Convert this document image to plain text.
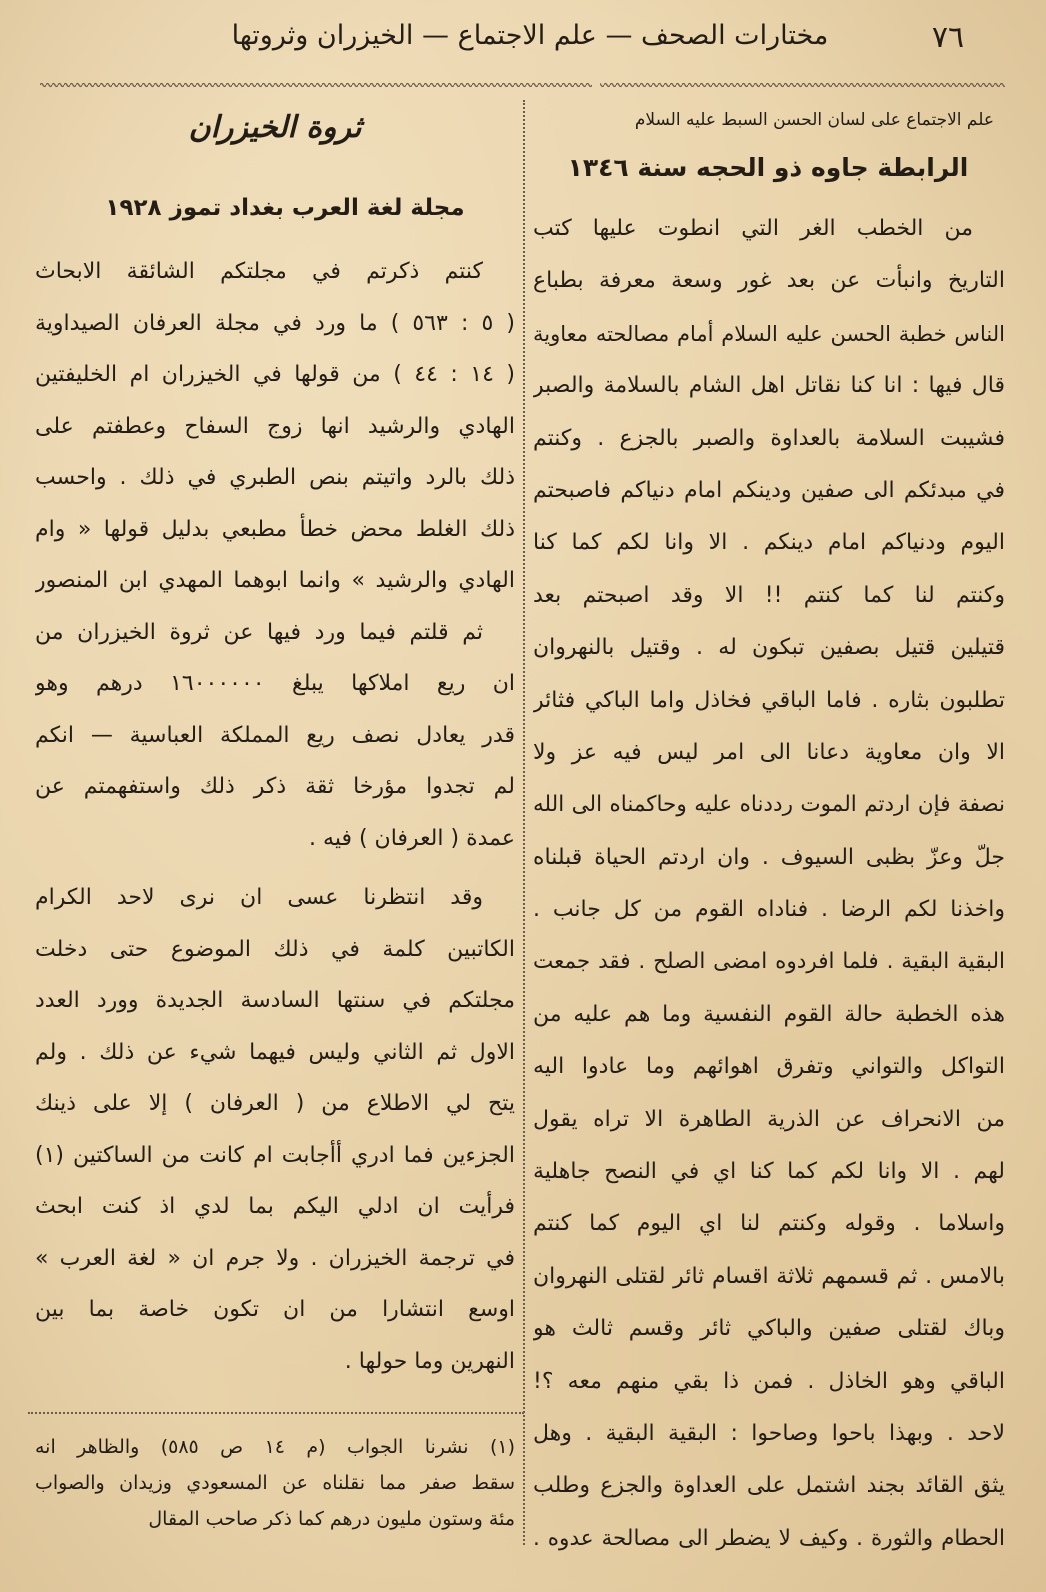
٧٦
مختارات الصحف — علم الاجتماع — الخيزران وثروتها
علم الاجتماع على لسان الحسن السبط عليه السلام
الرابطة جاوه ذو الحجه سنة ١٣٤٦
من الخطب الغر التي انطوت عليها كتب
التاريخ وانبأت عن بعد غور وسعة معرفة بطباع
الناس خطبة الحسن عليه السلام أمام مصالحته معاوية
قال فيها : انا كنا نقاتل اهل الشام بالسلامة والصبر
فشيبت السلامة بالعداوة والصبر بالجزع . وكنتم
في مبدئكم الى صفين ودينكم امام دنياكم فاصبحتم
اليوم ودنياكم امام دينكم . الا وانا لكم كما كنا
وكنتم لنا كما كنتم !! الا وقد اصبحتم بعد
قتيلين قتيل بصفين تبكون له . وقتيل بالنهروان
تطلبون بثاره . فاما الباقي فخاذل واما الباكي فثائر
الا وان معاوية دعانا الى امر ليس فيه عز ولا
نصفة فإن اردتم الموت رددناه عليه وحاكمناه الى الله
جلّ وعزّ بظبى السيوف . وان اردتم الحياة قبلناه
واخذنا لكم الرضا . فناداه القوم من كل جانب .
البقية البقية . فلما افردوه امضى الصلح . فقد جمعت
هذه الخطبة حالة القوم النفسية وما هم عليه من
التواكل والتواني وتفرق اهوائهم وما عادوا اليه
من الانحراف عن الذرية الطاهرة الا تراه يقول
لهم . الا وانا لكم كما كنا اي في النصح جاهلية
واسلاما . وقوله وكنتم لنا اي اليوم كما كنتم
بالامس . ثم قسمهم ثلاثة اقسام ثائر لقتلى النهروان
وباك لقتلى صفين والباكي ثائر وقسم ثالث هو
الباقي وهو الخاذل . فمن ذا بقي منهم معه ؟!
لاحد . وبهذا باحوا وصاحوا : البقية البقية . وهل
يثق القائد بجند اشتمل على العداوة والجزع وطلب
الحطام والثورة . وكيف لا يضطر الى مصالحة عدوه .
ثروة الخيزران
مجلة لغة العرب بغداد تموز ١٩٢٨
كنتم ذكرتم في مجلتكم الشائقة الابحاث
( ٥ : ٥٦٣ ) ما ورد في مجلة العرفان الصيداوية
( ١٤ : ٤٤ ) من قولها في الخيزران ام الخليفتين
الهادي والرشيد انها زوج السفاح وعطفتم على
ذلك بالرد واتيتم بنص الطبري في ذلك . واحسب
ذلك الغلط محض خطأ مطبعي بدليل قولها « وام
الهادي والرشيد » وانما ابوهما المهدي ابن المنصور
ثم قلتم فيما ورد فيها عن ثروة الخيزران من
ان ريع املاكها يبلغ ١٦٠٠٠٠٠٠ درهم وهو
قدر يعادل نصف ريع المملكة العباسية — انكم
لم تجدوا مؤرخا ثقة ذكر ذلك واستفهمتم عن
عمدة ( العرفان ) فيه .
وقد انتظرنا عسى ان نرى لاحد الكرام
الكاتبين كلمة في ذلك الموضوع حتى دخلت
مجلتكم في سنتها السادسة الجديدة وورد العدد
الاول ثم الثاني وليس فيهما شيء عن ذلك . ولم
يتح لي الاطلاع من ( العرفان ) إلا على ذينك
الجزءين فما ادري أأجابت ام كانت من الساكتين (١)
فرأيت ان ادلي اليكم بما لدي اذ كنت ابحث
في ترجمة الخيزران . ولا جرم ان « لغة العرب »
اوسع انتشارا من ان تكون خاصة بما بين
النهرين وما حولها .
(١) نشرنا الجواب (م ١٤ ص ٥٨٥) والظاهر انه
سقط صفر مما نقلناه عن المسعودي وزيدان والصواب
مئة وستون مليون درهم كما ذكر صاحب المقال
